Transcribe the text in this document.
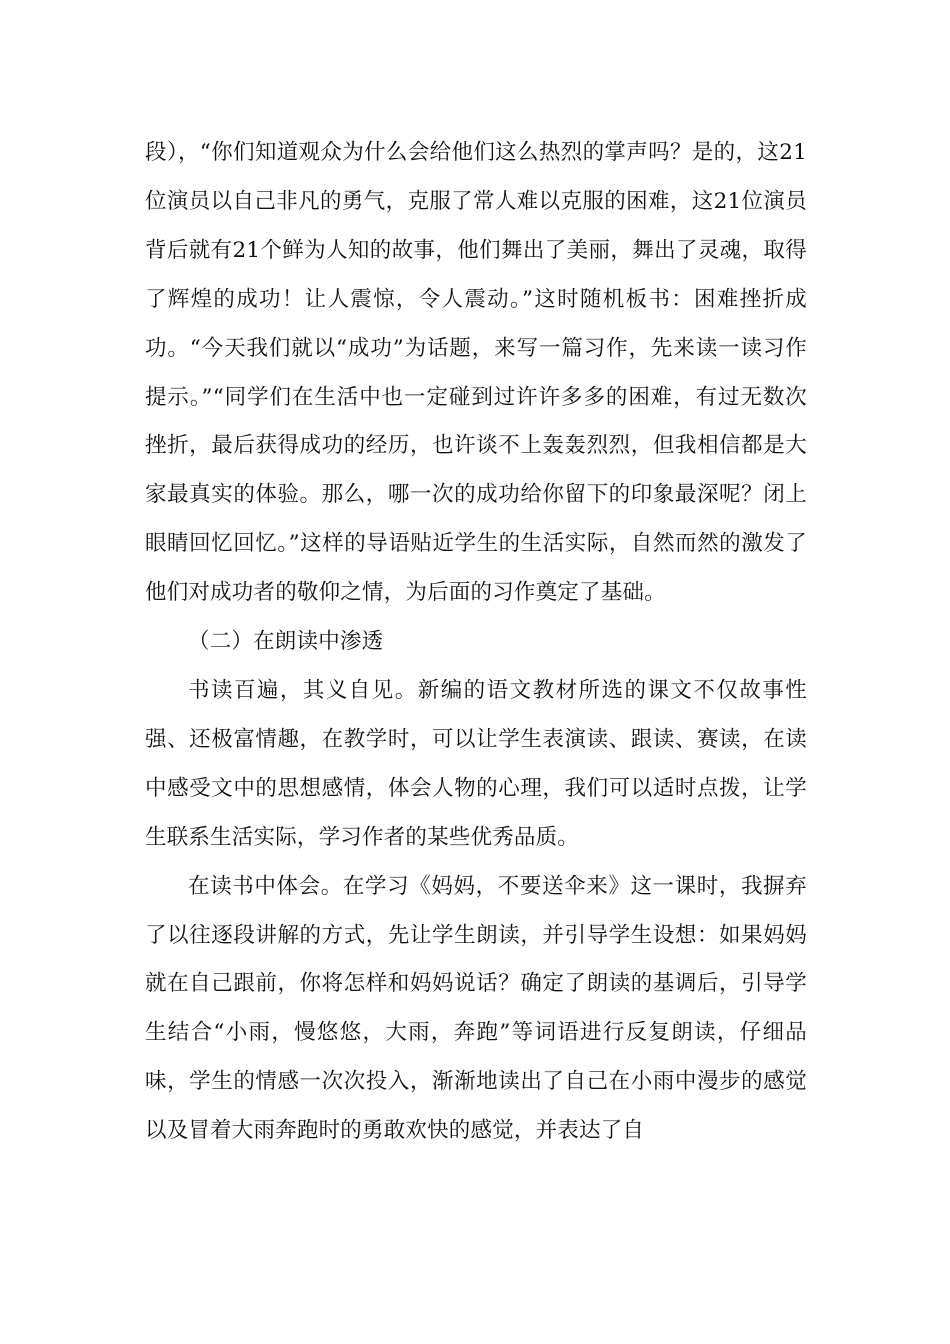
段），“你们知道观众为什么会给他们这么热烈的掌声吗？是的，这21位演员以自己非凡的勇气，克服了常人难以克服的困难，这21位演员背后就有21个鲜为人知的故事，他们舞出了美丽，舞出了灵魂，取得了辉煌的成功！让人震惊，令人震动。”这时随机板书：困难挫折成功。“今天我们就以“成功”为话题，来写一篇习作，先来读一读习作提示。”“同学们在生活中也一定碰到过许许多多的困难，有过无数次挫折，最后获得成功的经历，也许谈不上轰轰烈烈，但我相信都是大家最真实的体验。那么，哪一次的成功给你留下的印象最深呢？闭上眼睛回忆回忆。”这样的导语贴近学生的生活实际，自然而然的激发了他们对成功者的敬仰之情，为后面的习作奠定了基础。

（二）在朗读中渗透

书读百遍，其义自见。新编的语文教材所选的课文不仅故事性强、还极富情趣，在教学时，可以让学生表演读、跟读、赛读，在读中感受文中的思想感情，体会人物的心理，我们可以适时点拨，让学生联系生活实际，学习作者的某些优秀品质。

在读书中体会。在学习《妈妈，不要送伞来》这一课时，我摒弃了以往逐段讲解的方式，先让学生朗读，并引导学生设想：如果妈妈就在自己跟前，你将怎样和妈妈说话？确定了朗读的基调后，引导学生结合“小雨，慢悠悠，大雨，奔跑”等词语进行反复朗读，仔细品味，学生的情感一次次投入，渐渐地读出了自己在小雨中漫步的感觉以及冒着大雨奔跑时的勇敢欢快的感觉，并表达了自
